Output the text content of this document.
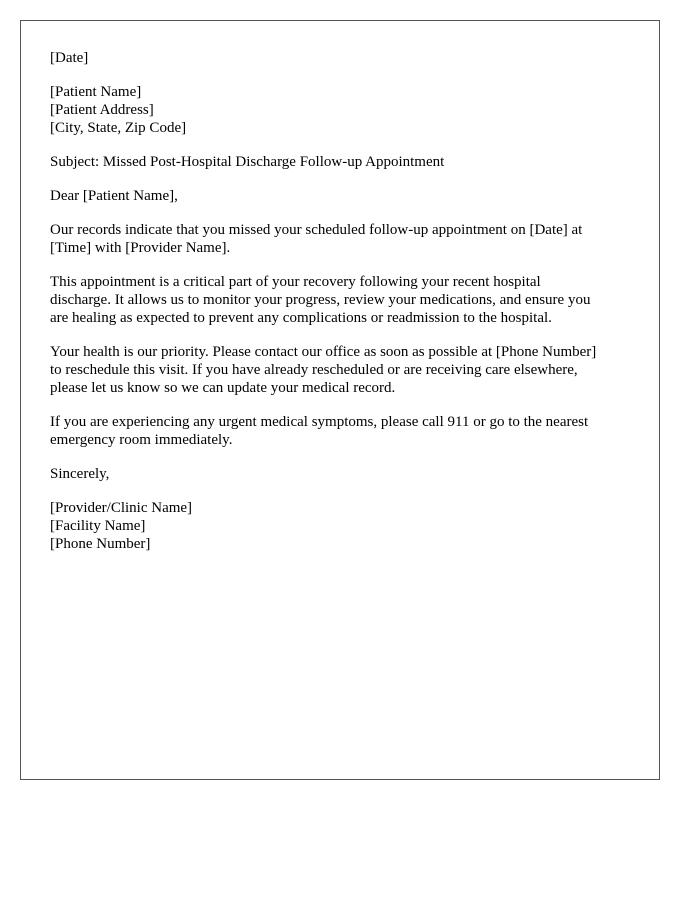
[Date]
[Patient Name]
[Patient Address]
[City, State, Zip Code]
Subject: Missed Post-Hospital Discharge Follow-up Appointment
Dear [Patient Name],
Our records indicate that you missed your scheduled follow-up appointment on [Date] at
[Time] with [Provider Name].
This appointment is a critical part of your recovery following your recent hospital
discharge. It allows us to monitor your progress, review your medications, and ensure you
are healing as expected to prevent any complications or readmission to the hospital.
Your health is our priority. Please contact our office as soon as possible at [Phone Number]
to reschedule this visit. If you have already rescheduled or are receiving care elsewhere,
please let us know so we can update your medical record.
If you are experiencing any urgent medical symptoms, please call 911 or go to the nearest
emergency room immediately.
Sincerely,
[Provider/Clinic Name]
[Facility Name]
[Phone Number]
